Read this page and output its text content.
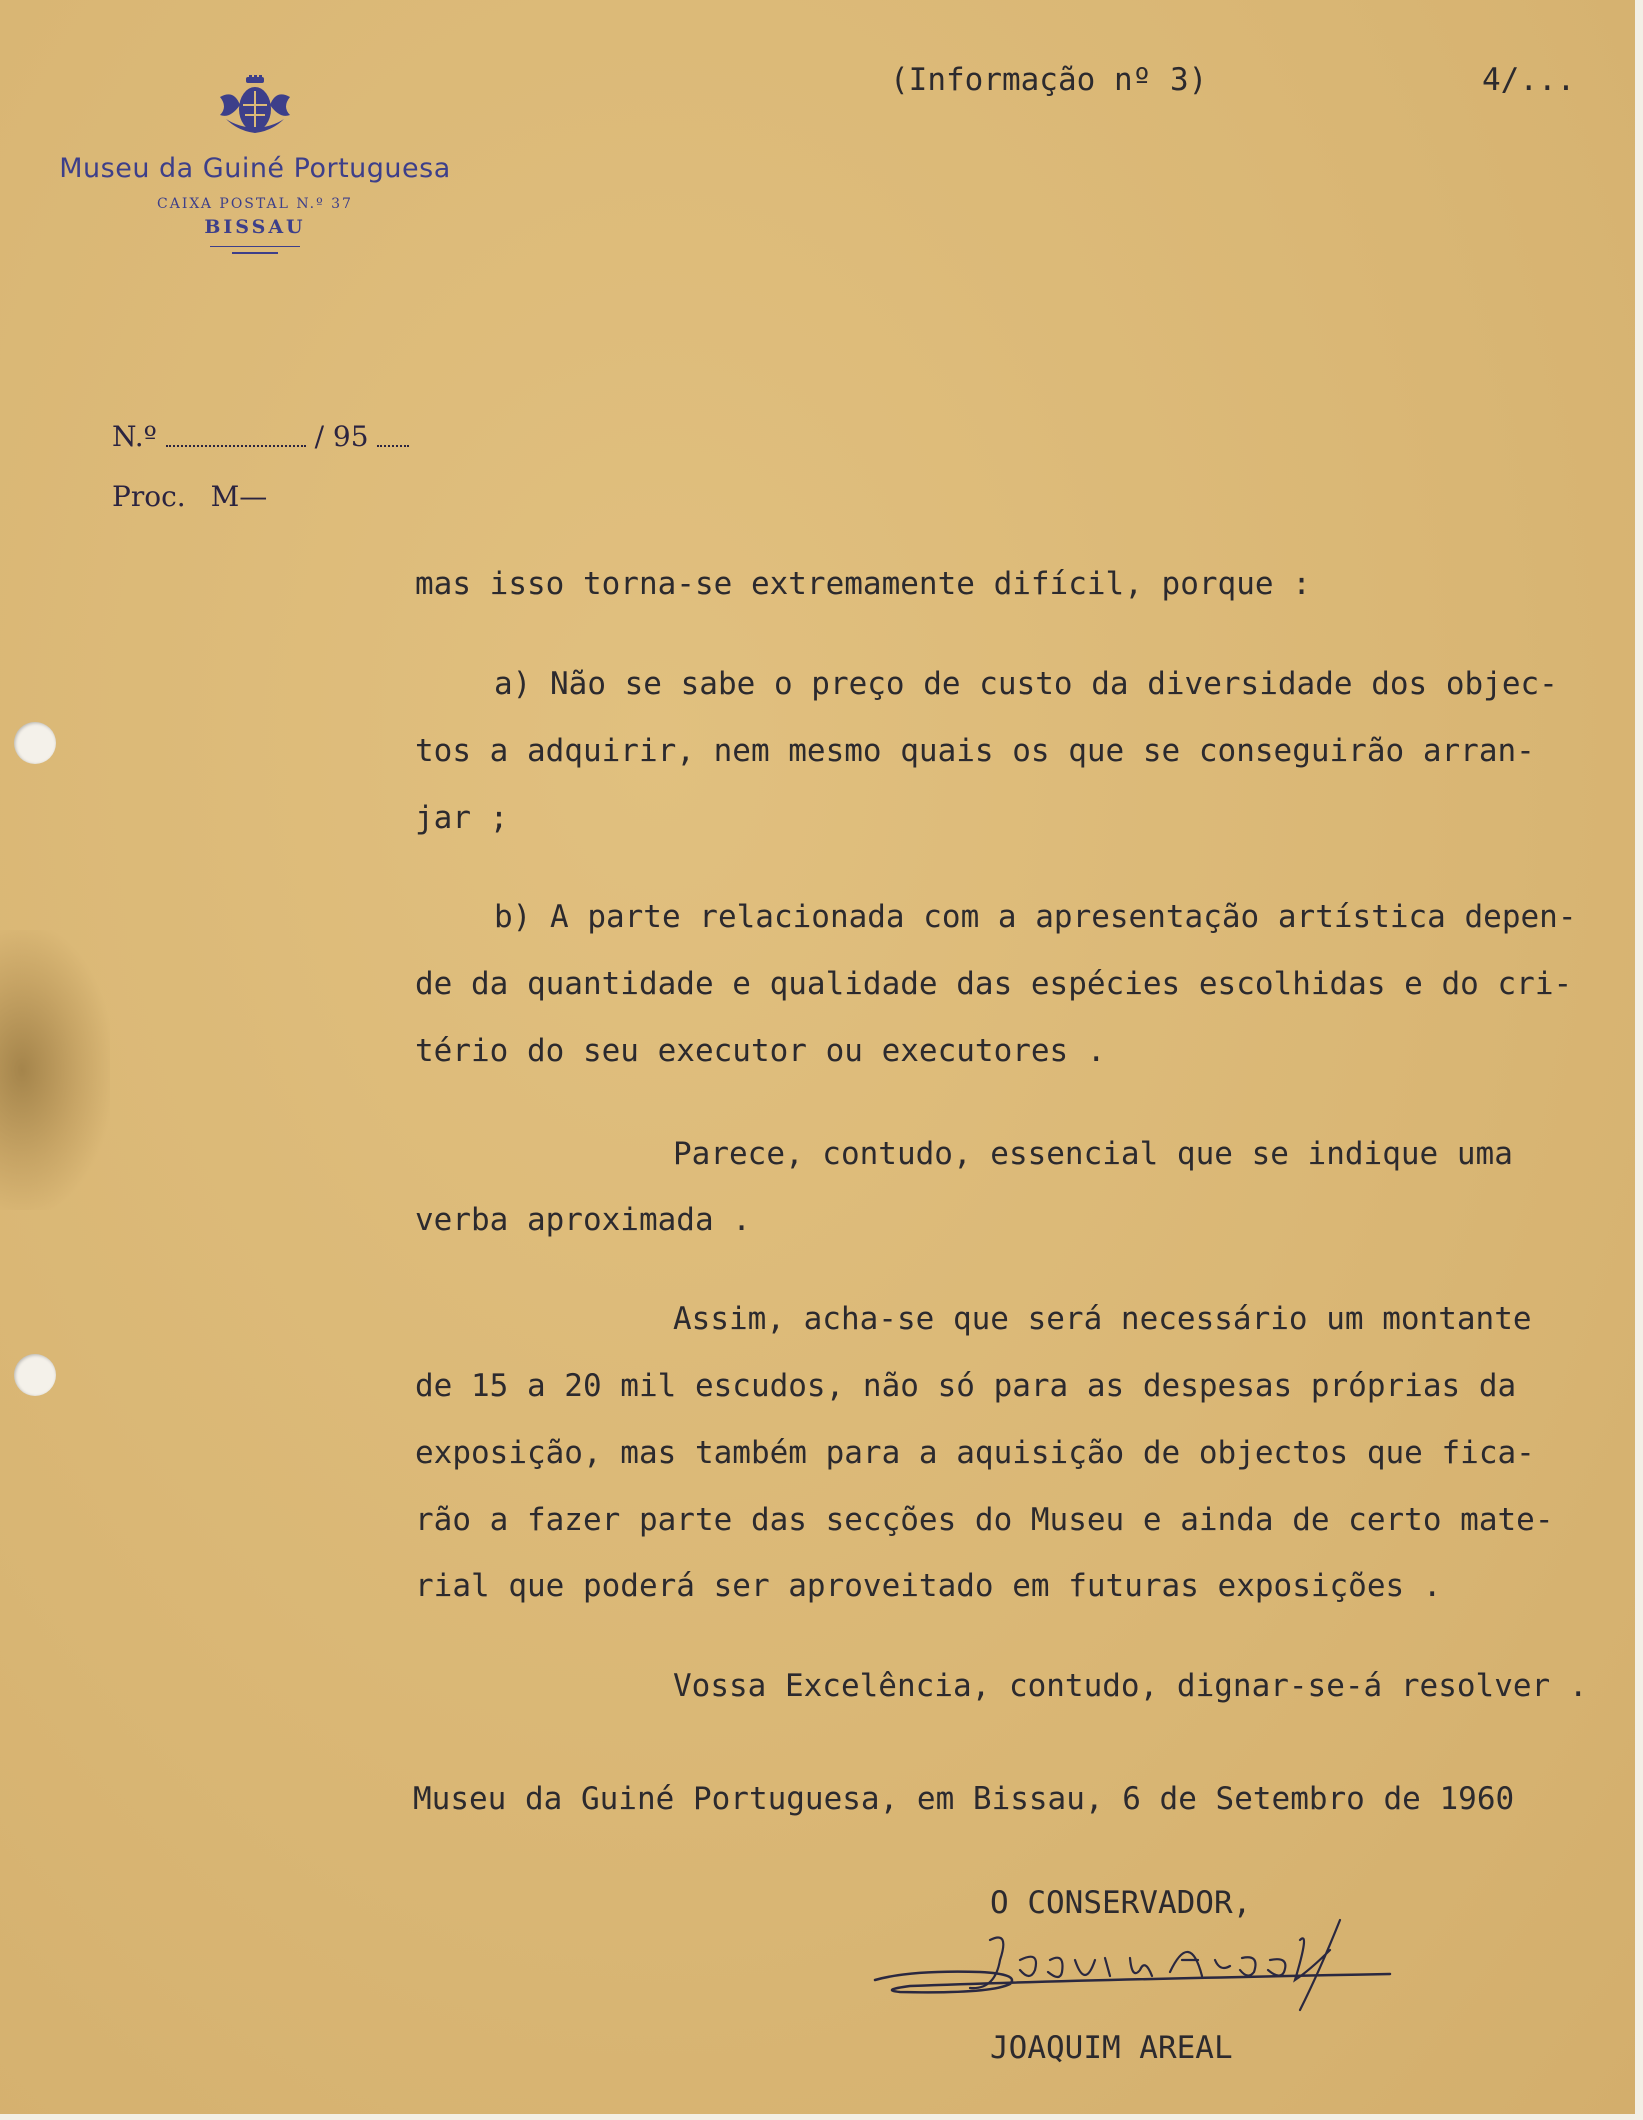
Museu da Guiné Portuguesa
CAIXA POSTAL N.º 37
BISSAU
(Informação nº 3)	4/...
N.º	/ 95
Proc. M—
mas isso torna-se extremamente difícil, porque :
a) Não se sabe o preço de custo da diversidade dos objec-
tos a adquirir, nem mesmo quais os que se conseguirão arran-
jar ;
b) A parte relacionada com a apresentação artística depen-
de da quantidade e qualidade das espécies escolhidas e do cri-
tério do seu executor ou executores .
Parece, contudo, essencial que se indique uma
verba aproximada .
Assim, acha-se que será necessário um montante
de 15 a 20 mil escudos, não só para as despesas próprias da
exposição, mas também para a aquisição de objectos que fica-
rão a fazer parte das secções do Museu e ainda de certo mate-
rial que poderá ser aproveitado em futuras exposições .
Vossa Excelência, contudo, dignar-se-á resolver .
Museu da Guiné Portuguesa, em Bissau, 6 de Setembro de 1960
O CONSERVADOR,
JOAQUIM AREAL
